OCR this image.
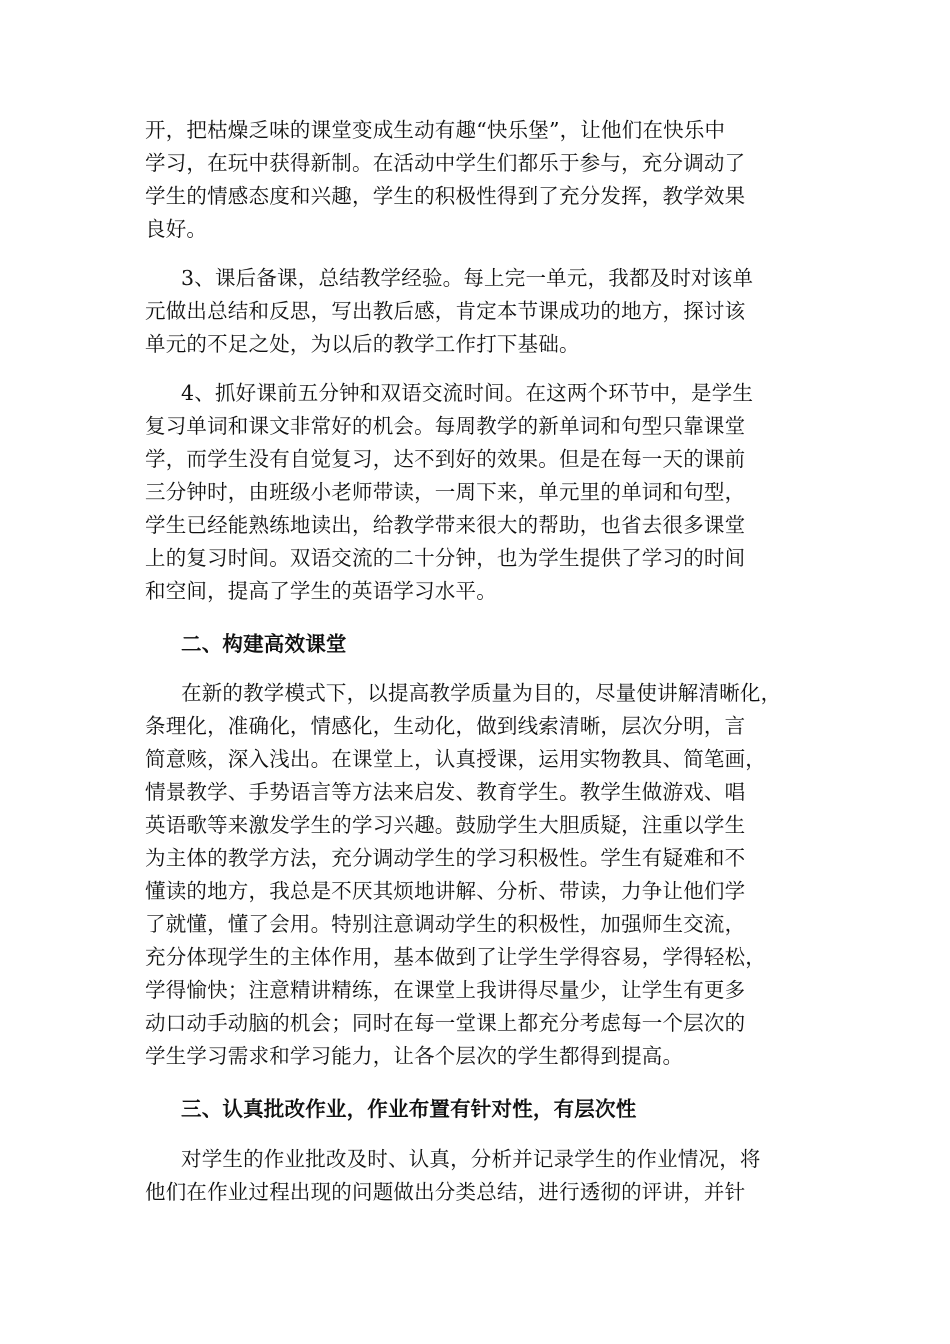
开，把枯燥乏味的课堂变成生动有趣“快乐堡”，让他们在快乐中
学习，在玩中获得新制。在活动中学生们都乐于参与，充分调动了
学生的情感态度和兴趣，学生的积极性得到了充分发挥，教学效果
良好。
3、课后备课，总结教学经验。每上完一单元，我都及时对该单
元做出总结和反思，写出教后感，肯定本节课成功的地方，探讨该
单元的不足之处，为以后的教学工作打下基础。
4、抓好课前五分钟和双语交流时间。在这两个环节中，是学生
复习单词和课文非常好的机会。每周教学的新单词和句型只靠课堂
学，而学生没有自觉复习，达不到好的效果。但是在每一天的课前
三分钟时，由班级小老师带读，一周下来，单元里的单词和句型，
学生已经能熟练地读出，给教学带来很大的帮助，也省去很多课堂
上的复习时间。双语交流的二十分钟，也为学生提供了学习的时间
和空间，提高了学生的英语学习水平。
二、构建高效课堂
在新的教学模式下，以提高教学质量为目的，尽量使讲解清晰化，
条理化，准确化，情感化，生动化，做到线索清晰，层次分明，言
简意赅，深入浅出。在课堂上，认真授课，运用实物教具、简笔画，
情景教学、手势语言等方法来启发、教育学生。教学生做游戏、唱
英语歌等来激发学生的学习兴趣。鼓励学生大胆质疑，注重以学生
为主体的教学方法，充分调动学生的学习积极性。学生有疑难和不
懂读的地方，我总是不厌其烦地讲解、分析、带读，力争让他们学
了就懂，懂了会用。特别注意调动学生的积极性，加强师生交流，
充分体现学生的主体作用，基本做到了让学生学得容易，学得轻松，
学得愉快；注意精讲精练，在课堂上我讲得尽量少，让学生有更多
动口动手动脑的机会；同时在每一堂课上都充分考虑每一个层次的
学生学习需求和学习能力，让各个层次的学生都得到提高。
三、认真批改作业，作业布置有针对性，有层次性
对学生的作业批改及时、认真，分析并记录学生的作业情况，将
他们在作业过程出现的问题做出分类总结，进行透彻的评讲，并针
